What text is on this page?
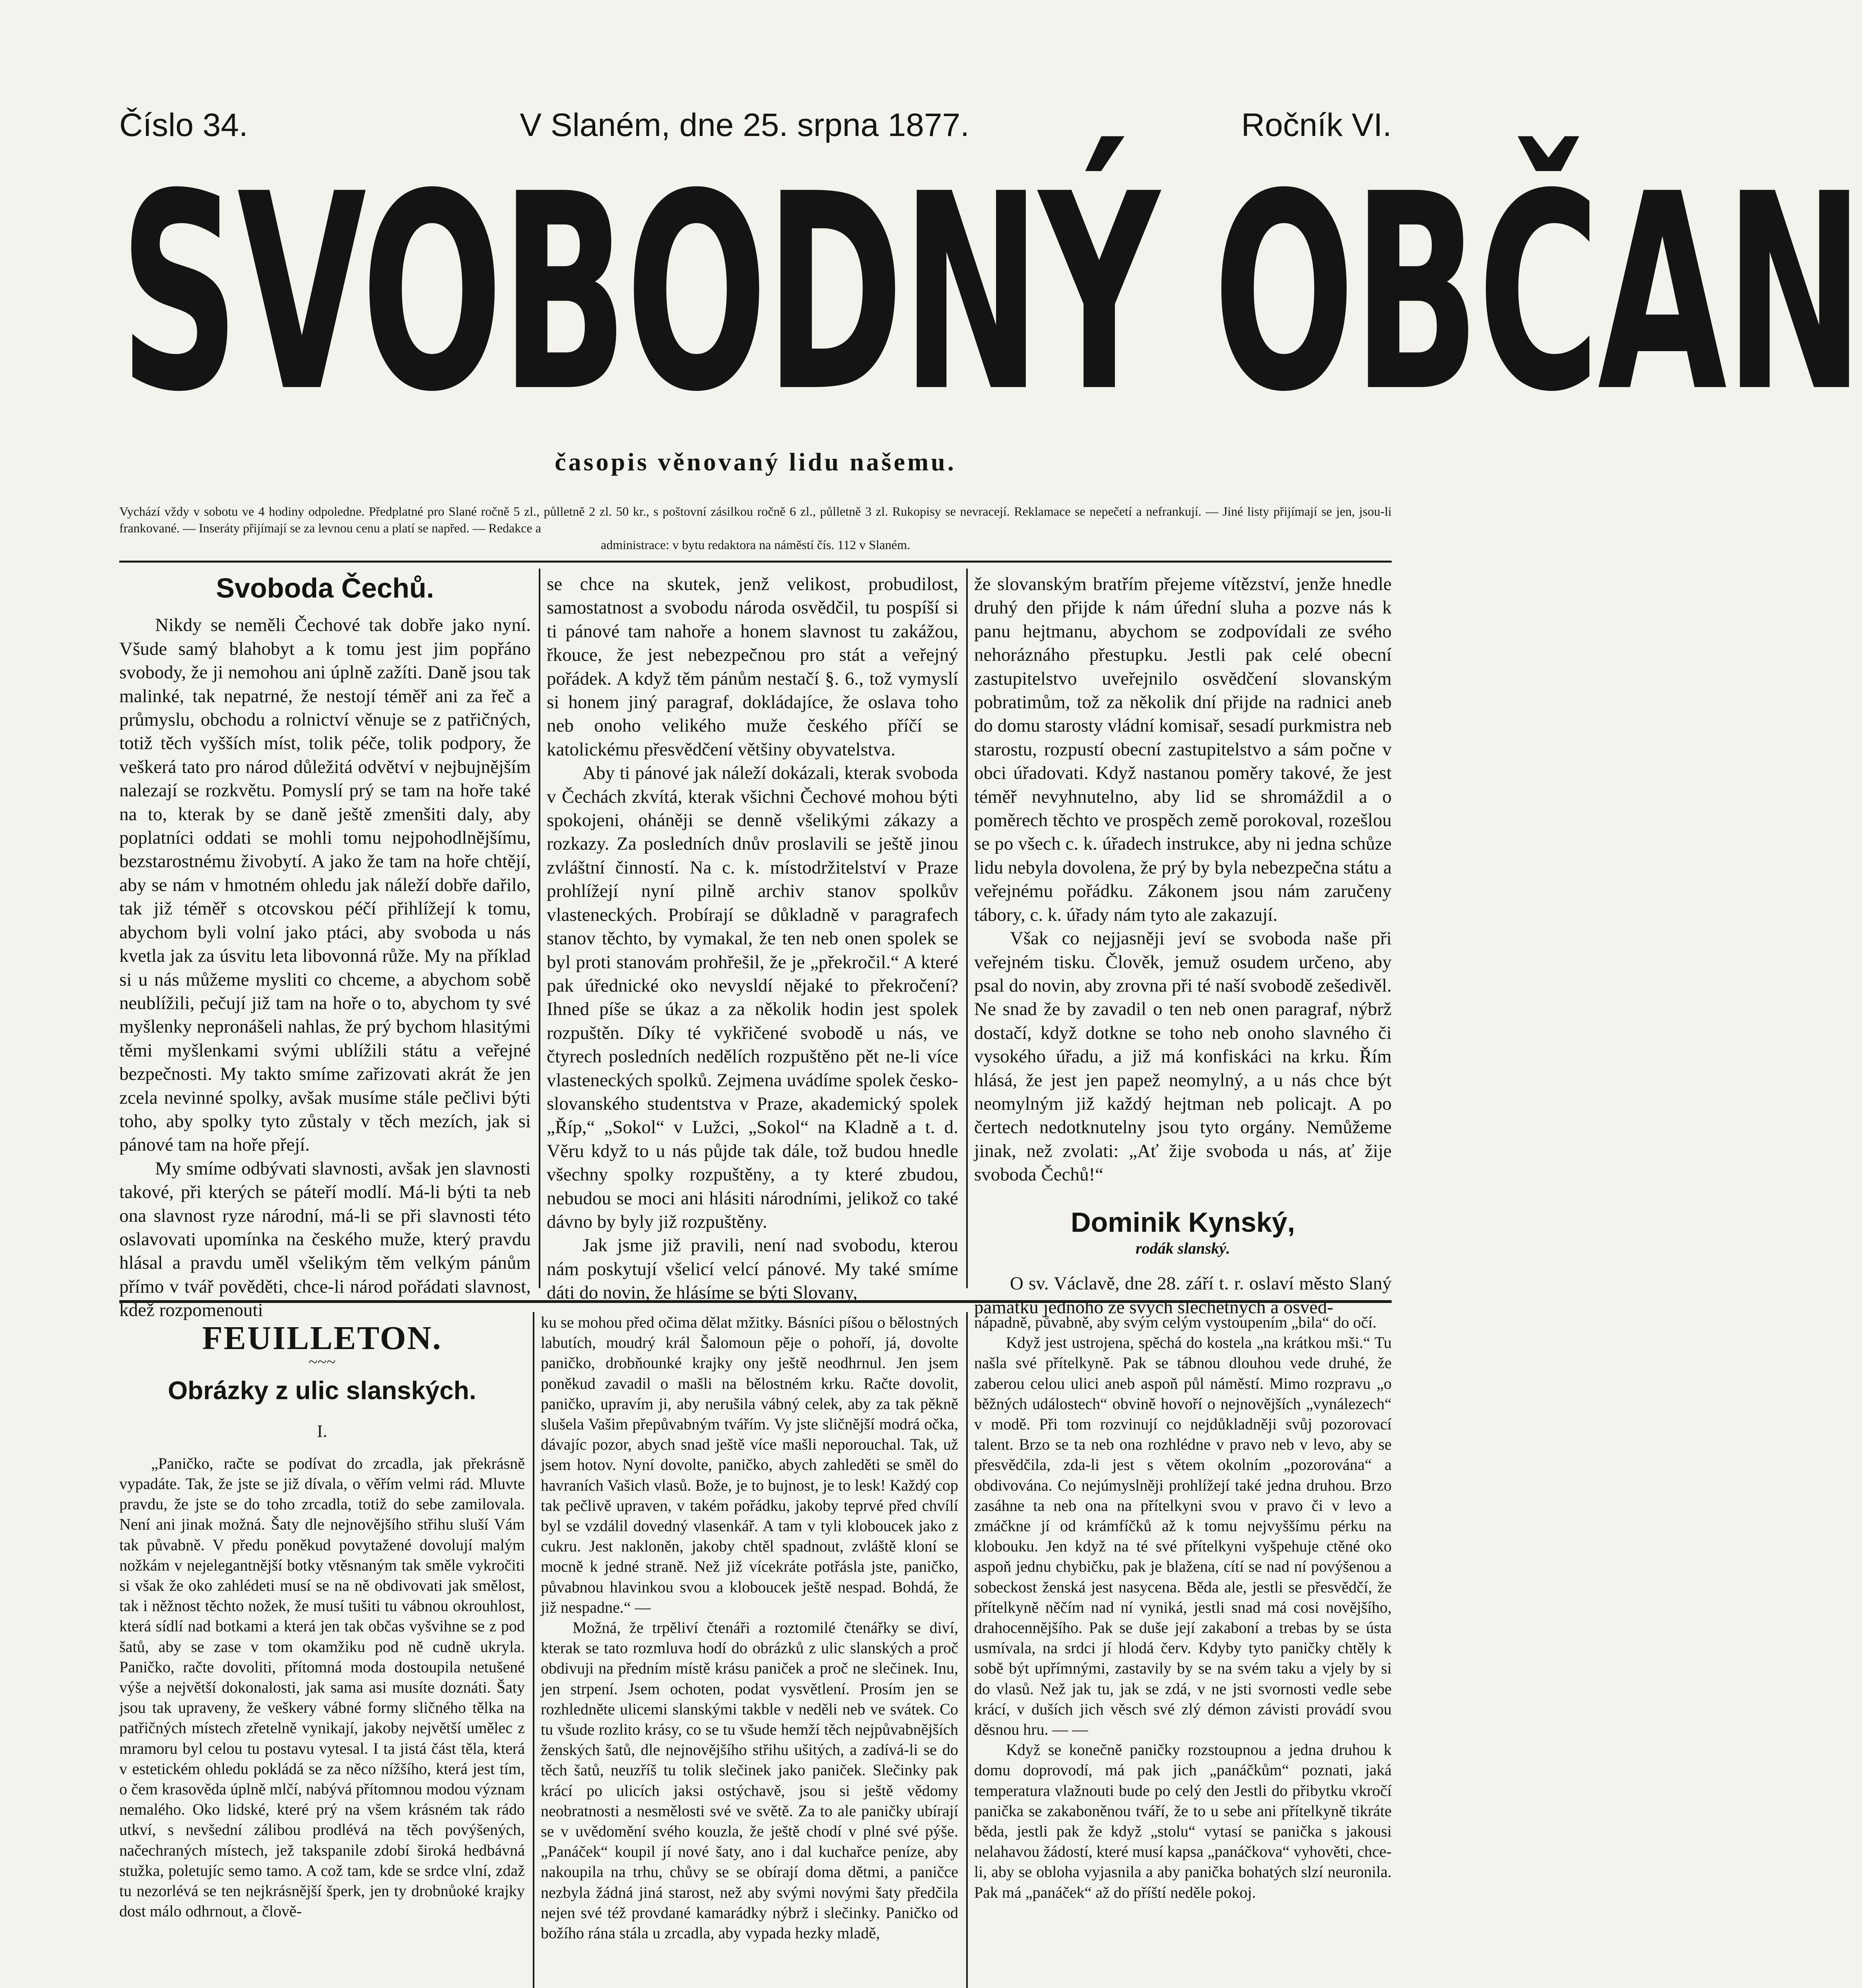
Číslo 34.	V Slaném, dne 25. srpna 1877.	Ročník VI.
SVOBODNÝ OBČAN
časopis věnovaný lidu našemu.

Vychází vždy v sobotu ve 4 hodiny odpoledne. Předplatné pro Slané ročně 5 zl., půlletně 2 zl. 50 kr., s poštovní zásilkou ročně 6 zl., půlletně 3 zl. Rukopisy se nevracejí. Reklamace se nepečetí a nefrankují. — Jiné listy přijímají se jen, jsou-li frankované. — Inseráty přijímají se za levnou cenu a platí se napřed. — Redakce a

administrace: v bytu redaktora na náměstí čís. 112 v Slaném.

Svoboda Čechů.

Nikdy se neměli Čechové tak dobře jako nyní. Všude samý blahobyt a k tomu jest jim popřáno svobody, že ji nemohou ani úplně zažíti. Daně jsou tak malinké, tak nepatrné, že nestojí téměř ani za řeč a průmyslu, obchodu a rolnictví věnuje se z patřičných, totiž těch vyšších míst, tolik péče, tolik podpory, že veškerá tato pro národ důležitá odvětví v nejbujnějším nalezají se rozkvětu. Pomyslí prý se tam na hoře také na to, kterak by se daně ještě zmenšiti daly, aby poplatníci oddati se mohli tomu nejpohodlnějšímu, bezstarostnému živobytí. A jako že tam na hoře chtějí, aby se nám v hmotném ohledu jak náleží dobře dařilo, tak již téměř s otcovskou péčí přihlížejí k tomu, abychom byli volní jako ptáci, aby svoboda u nás kvetla jak za úsvitu leta libovonná růže. My na příklad si u nás můžeme mysliti co chceme, a abychom sobě neublížili, pečují již tam na hoře o to, abychom ty své myšlenky nepronášeli nahlas, že prý bychom hlasitými těmi myšlenkami svými ublížili státu a veřejné bezpečnosti. My takto smíme zařizovati akrát že jen zcela nevinné spolky, avšak musíme stále pečlivi býti toho, aby spolky tyto zůstaly v těch mezích, jak si pánové tam na hoře přejí.

My smíme odbývati slavnosti, avšak jen slavnosti takové, při kterých se páteří modlí. Má-li býti ta neb ona slavnost ryze národní, má-li se při slavnosti této oslavovati upomínka na českého muže, který pravdu hlásal a pravdu uměl všelikým těm velkým pánům přímo v tvář pověděti, chce-li národ pořádati slavnost, kdež rozpomenouti

se chce na skutek, jenž velikost, probudilost, samostatnost a svobodu národa osvědčil, tu pospíší si ti pánové tam nahoře a honem slavnost tu zakážou, řkouce, že jest nebezpečnou pro stát a veřejný pořádek. A když těm pánům nestačí §. 6., tož vymyslí si honem jiný paragraf, dokládajíce, že oslava toho neb onoho velikého muže českého příčí se katolickému přesvědčení většiny obyvatelstva.

Aby ti pánové jak náleží dokázali, kterak svoboda v Čechách zkvítá, kterak všichni Čechové mohou býti spokojeni, oháněji se denně všelikými zákazy a rozkazy. Za posledních dnův proslavili se ještě jinou zvláštní činností. Na c. k. místodržitelství v Praze prohlížejí nyní pilně archiv stanov spolkův vlasteneckých. Probírají se důkladně v paragrafech stanov těchto, by vymakal, že ten neb onen spolek se byl proti stanovám prohřešil, že je „překročil.“ A které pak úřednické oko nevysldí nějaké to překročení? Ihned píše se úkaz a za několik hodin jest spolek rozpuštěn. Díky té vykřičené svobodě u nás, ve čtyrech posledních nedělích rozpuštěno pět ne-li více vlasteneckých spolků. Zejmena uvádíme spolek česko-slovanského studentstva v Praze, akademický spolek „Říp,“ „Sokol“ v Lužci, „Sokol“ na Kladně a t. d. Věru když to u nás půjde tak dále, tož budou hnedle všechny spolky rozpuštěny, a ty které zbudou, nebudou se moci ani hlásiti národními, jelikož co také dávno by byly již rozpuštěny.

Jak jsme již pravili, není nad svobodu, kterou nám poskytují všelicí velcí pánové. My také smíme dáti do novin, že hlásíme se býti Slovany,

že slovanským bratřím přejeme vítězství, jenže hnedle druhý den přijde k nám úřední sluha a pozve nás k panu hejtmanu, abychom se zodpovídali ze svého nehoráznáho přestupku. Jestli pak celé obecní zastupitelstvo uveřejnilo osvědčení slovanským pobratimům, tož za několik dní přijde na radnici aneb do domu starosty vládní komisař, sesadí purkmistra neb starostu, rozpustí obecní zastupitelstvo a sám počne v obci úřadovati. Když nastanou poměry takové, že jest téměř nevyhnutelno, aby lid se shromáždil a o poměrech těchto ve prospěch země porokoval, rozešlou se po všech c. k. úřadech instrukce, aby ni jedna schůze lidu nebyla dovolena, že prý by byla nebezpečna státu a veřejnému pořádku. Zákonem jsou nám zaručeny tábory, c. k. úřady nám tyto ale zakazují.

Však co nejjasněji jeví se svoboda naše při veřejném tisku. Člověk, jemuž osudem určeno, aby psal do novin, aby zrovna při té naší svobodě zešedivěl. Ne snad že by zavadil o ten neb onen paragraf, nýbrž dostačí, když dotkne se toho neb onoho slavného či vysokého úřadu, a již má konfiskáci na krku. Řím hlásá, že jest jen papež neomylný, a u nás chce být neomylným již každý hejtman neb policajt. A po čertech nedotknutelny jsou tyto orgány. Nemůžeme jinak, než zvolati: „Ať žije svoboda u nás, ať žije svoboda Čechů!“

Dominik Kynský,
rodák slanský.

O sv. Václavě, dne 28. září t. r. oslaví město Slaný památku jednoho ze svých šlechetných a osvěd-

FEUILLETON.
~~~
Obrázky z ulic slanských.
I.

„Paničko, račte se podívat do zrcadla, jak překrásně vypadáte. Tak, že jste se již dívala, o věřím velmi rád. Mluvte pravdu, že jste se do toho zrcadla, totiž do sebe zamilovala. Není ani jinak možná. Šaty dle nejnovějšího střihu sluší Vám tak půvabně. V předu poněkud povytažené dovolují malým nožkám v nejelegantnější botky vtěsnaným tak směle vykročiti si však že oko zahlédeti musí se na ně obdivovati jak smělost, tak i něžnost těchto nožek, že musí tušiti tu vábnou okrouhlost, která sídlí nad botkami a která jen tak občas vyšvihne se z pod šatů, aby se zase v tom okamžiku pod ně cudně ukryla. Paničko, račte dovoliti, přítomná moda dostoupila netušené výše a největší dokonalosti, jak sama asi musíte doznáti. Šaty jsou tak upraveny, že veškery vábné formy sličného tělka na patřičných místech zřetelně vynikají, jakoby největší umělec z mramoru byl celou tu postavu vytesal. I ta jistá část těla, která v estetickém ohledu pokládá se za něco nížšího, která jest tím, o čem krasověda úplně mlčí, nabývá přítomnou modou význam nemalého. Oko lidské, které prý na všem krásném tak rádo utkví, s nevšední zálibou prodlévá na těch povýšených, načechraných místech, jež takspanile zdobí široká hedbávná stužka, poletujíc semo tamo. A což tam, kde se srdce vlní, zdaž tu nezorlévá se ten nejkrásnější šperk, jen ty drobnůoké krajky dost málo odhrnout, a člově-

ku se mohou před očima dělat mžitky. Básníci píšou o bělostných labutích, moudrý král Šalomoun pěje o pohoří, já, dovolte paničko, drobňounké krajky ony ještě neodhrnul. Jen jsem poněkud zavadil o mašli na bělostném krku. Račte dovolit, paničko, upravím ji, aby nerušila vábný celek, aby za tak pěkně slušela Vašim přepůvabným tvářím. Vy jste sličnější modrá očka, dávajíc pozor, abych snad ještě více mašli neporouchal. Tak, už jsem hotov. Nyní dovolte, paničko, abych zahleděti se směl do havraních Vašich vlasů. Bože, je to bujnost, je to lesk! Každý cop tak pečlivě upraven, v takém pořádku, jakoby teprvé před chvílí byl se vzdálil dovedný vlasenkář. A tam v tyli kloboucek jako z cukru. Jest nakloněn, jakoby chtěl spadnout, zvláště kloní se mocně k jedné straně. Než již vícekráte potřásla jste, paničko, půvabnou hlavinkou svou a kloboucek ještě nespad. Bohdá, že již nespadne.“ —

Možná, že trpěliví čtenáři a roztomilé čtenářky se diví, kterak se tato rozmluva hodí do obrázků z ulic slanských a proč obdivuji na předním místě krásu paniček a proč ne slečinek. Inu, jen strpení. Jsem ochoten, podat vysvětlení. Prosím jen se rozhledněte ulicemi slanskými takble v neděli neb ve svátek. Co tu všude rozlito krásy, co se tu všude hemží těch nejpůvabnějších ženských šatů, dle nejnovějšího střihu ušitých, a zadívá-li se do těch šatů, neuzříš tu tolik slečinek jako paniček. Slečinky pak krácí po ulicích jaksi ostýchavě, jsou si ještě vědomy neobratnosti a nesmělosti své ve světě. Za to ale paničky ubírají se v uvědomění svého kouzla, že ještě chodí v plné své pýše. „Panáček“ koupil jí nové šaty, ano i dal kuchařce peníze, aby nakoupila na trhu, chůvy se se obírají doma dětmi, a paničce nezbyla žádná jiná starost, než aby svými novými šaty předčila nejen své též provdané kamarádky nýbrž i slečinky. Paničko od božího rána stála u zrcadla, aby vypada hezky mladě,

nápadně, půvabně, aby svým celým vystoupením „bila“ do očí.

Když jest ustrojena, spěchá do kostela „na krátkou mši.“ Tu našla své přítelkyně. Pak se tábnou dlouhou vede druhé, že zaberou celou ulici aneb aspoň půl náměstí. Mimo rozpravu „o běžných událostech“ obvině hovoří o nejnovějších „vynálezech“ v modě. Při tom rozvinují co nejdůkladněji svůj pozorovací talent. Brzo se ta neb ona rozhlédne v pravo neb v levo, aby se přesvědčila, zda-li jest s větem okolním „pozorována“ a obdivována. Co nejúmyslněji prohlížejí také jedna druhou. Brzo zasáhne ta neb ona na přítelkyni svou v pravo či v levo a zmáčkne jí od krámfíčků až k tomu nejvyššímu pérku na klobouku. Jen když na té své přítelkyni vyšpehuje ctěné oko aspoň jednu chybičku, pak je blažena, cítí se nad ní povýšenou a sobeckost ženská jest nasycena. Běda ale, jestli se přesvědčí, že přítelkyně něčím nad ní vyniká, jestli snad má cosi novějšího, drahocennějšího. Pak se duše její zakaboní a trebas by se ústa usmívala, na srdci jí hlodá červ. Kdyby tyto paničky chtěly k sobě být upřímnými, zastavily by se na svém taku a vjely by si do vlasů. Než jak tu, jak se zdá, v ne jsti svornosti vedle sebe krácí, v duších jich věsch své zlý démon závisti provádí svou děsnou hru. — —

Když se konečně paničky rozstoupnou a jedna druhou k domu doprovodí, má pak jich „panáčkům“ poznati, jaká temperatura vlažnouti bude po celý den Jestli do přibytku vkročí panička se zakaboněnou tváří, že to u sebe ani přítelkyně tikráte běda, jestli pak že když „stolu“ vytasí se panička s jakousi nelahavou žádostí, které musí kapsa „panáčkova“ vyhověti, chce-li, aby se obloha vyjasnila a aby panička bohatých slzí neuronila. Pak má „panáček“ až do příští neděle pokoj.
